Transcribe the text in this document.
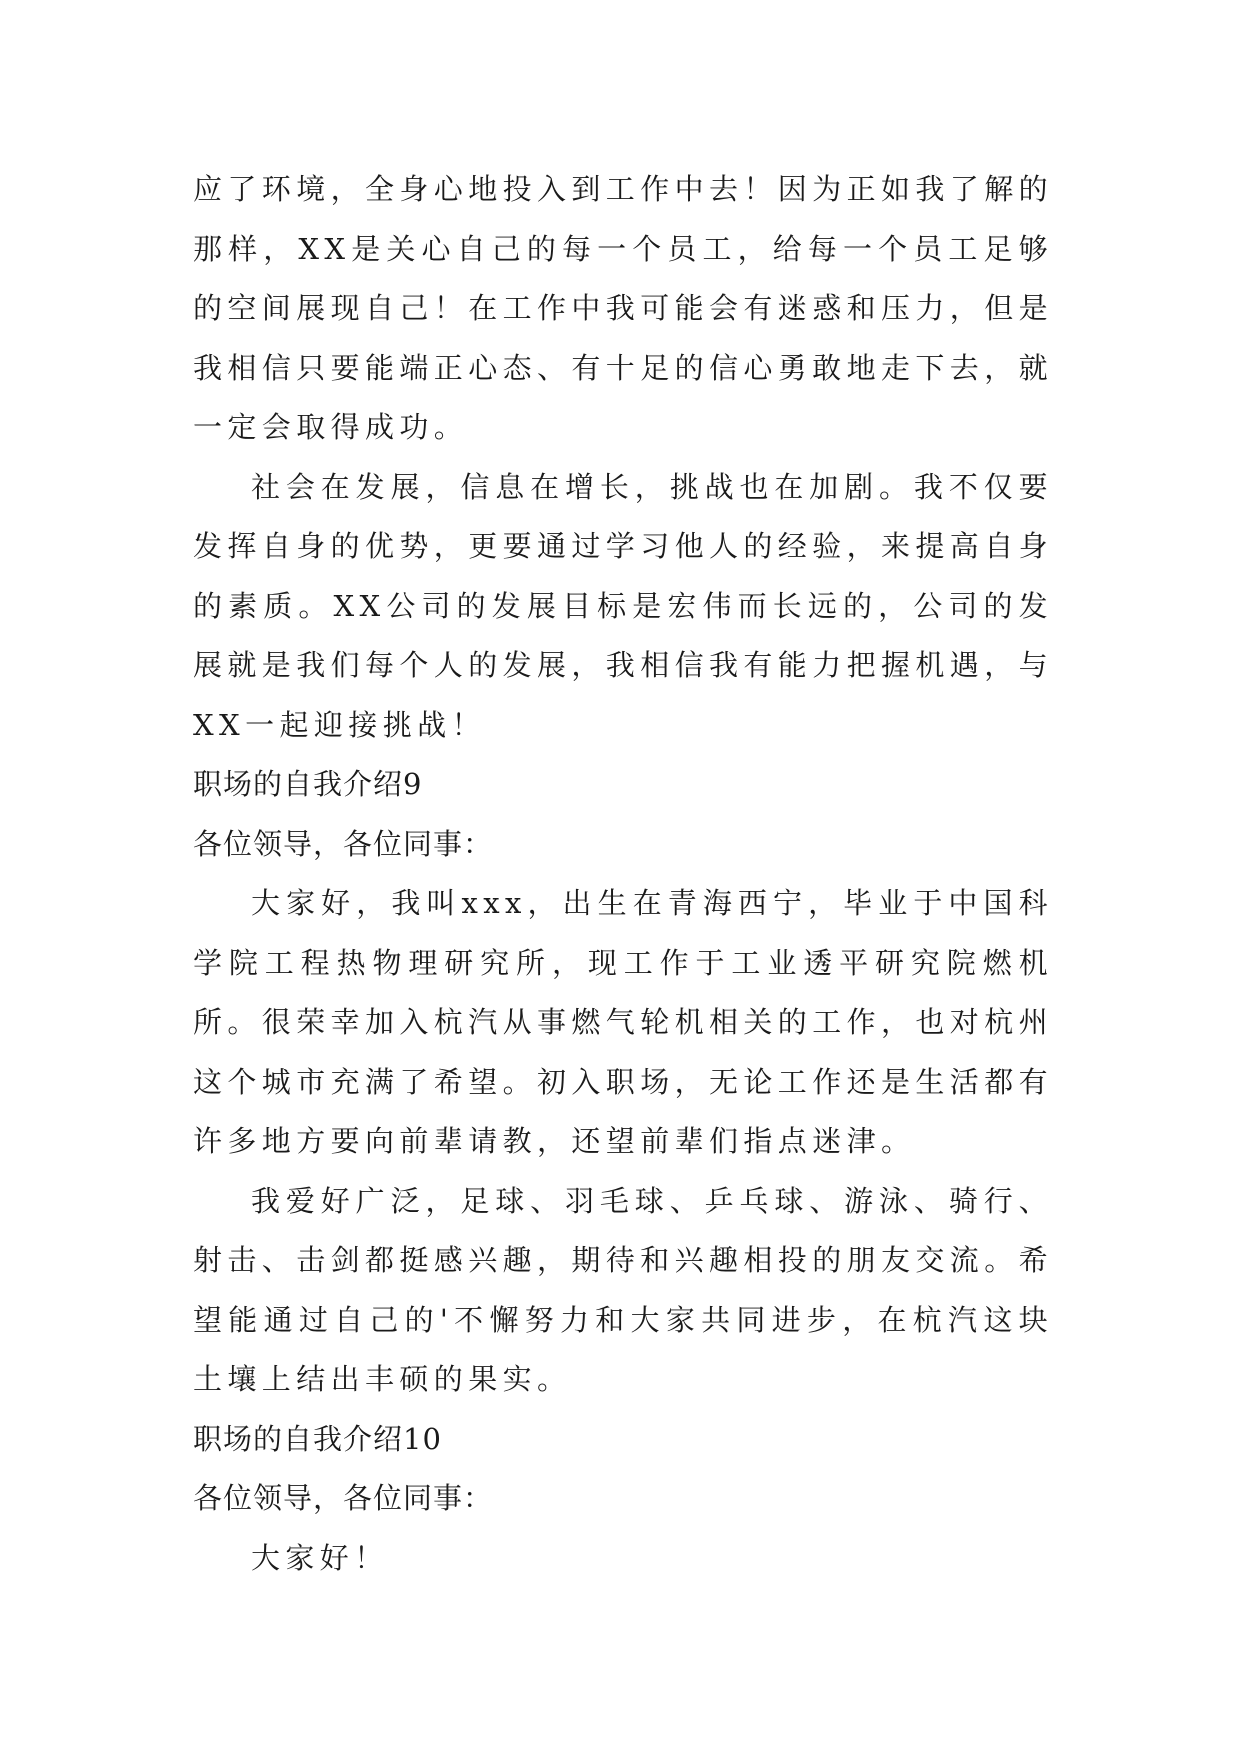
应了环境，全身心地投入到工作中去！因为正如我了解的那样，XX是关心自己的每一个员工，给每一个员工足够的空间展现自己！在工作中我可能会有迷惑和压力，但是我相信只要能端正心态、有十足的信心勇敢地走下去，就一定会取得成功。

社会在发展，信息在增长，挑战也在加剧。我不仅要发挥自身的优势，更要通过学习他人的经验，来提高自身的素质。XX公司的发展目标是宏伟而长远的，公司的发展就是我们每个人的发展，我相信我有能力把握机遇，与XX一起迎接挑战！

职场的自我介绍9

各位领导，各位同事：

大家好，我叫xxx，出生在青海西宁，毕业于中国科学院工程热物理研究所，现工作于工业透平研究院燃机所。很荣幸加入杭汽从事燃气轮机相关的工作，也对杭州这个城市充满了希望。初入职场，无论工作还是生活都有许多地方要向前辈请教，还望前辈们指点迷津。

我爱好广泛，足球、羽毛球、乒乓球、游泳、骑行、射击、击剑都挺感兴趣，期待和兴趣相投的朋友交流。希望能通过自己的'不懈努力和大家共同进步，在杭汽这块土壤上结出丰硕的果实。

职场的自我介绍10

各位领导，各位同事：

大家好！
